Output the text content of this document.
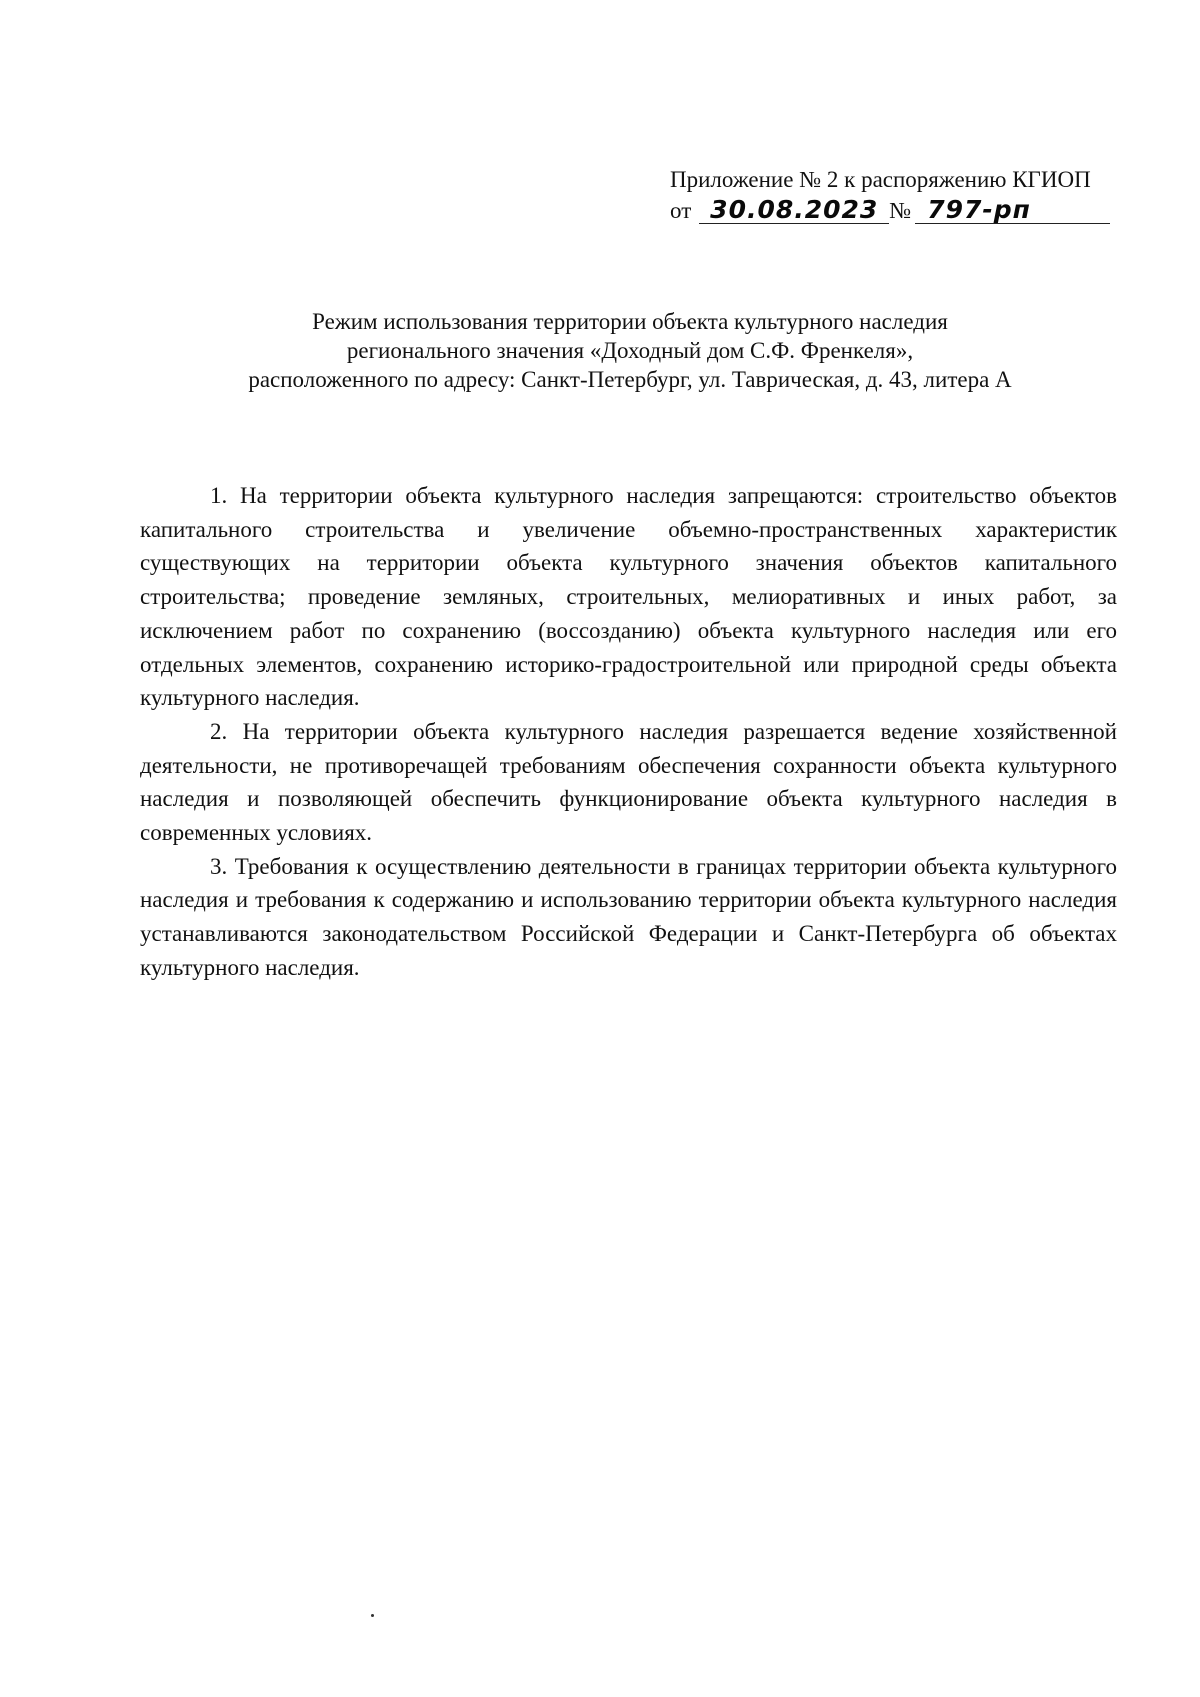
Приложение № 2 к распоряжению КГИОП
от 30.08.2023 № 797-рп
Режим использования территории объекта культурного наследия
регионального значения «Доходный дом С.Ф. Френкеля»,
расположенного по адресу: Санкт-Петербург, ул. Таврическая, д. 43, литера А

1. На территории объекта культурного наследия запрещаются: строительство объектов капитального строительства и увеличение объемно-пространственных характеристик существующих на территории объекта культурного значения объектов капитального строительства; проведение земляных, строительных, мелиоративных и иных работ, за исключением работ по сохранению (воссозданию) объекта культурного наследия или его отдельных элементов, сохранению историко-градостроительной или природной среды объекта культурного наследия.

2. На территории объекта культурного наследия разрешается ведение хозяйственной деятельности, не противоречащей требованиям обеспечения сохранности объекта культурного наследия и позволяющей обеспечить функционирование объекта культурного наследия в современных условиях.

3. Требования к осуществлению деятельности в границах территории объекта культурного наследия и требования к содержанию и использованию территории объекта культурного наследия устанавливаются законодательством Российской Федерации и Санкт-Петербурга об объектах культурного наследия.
